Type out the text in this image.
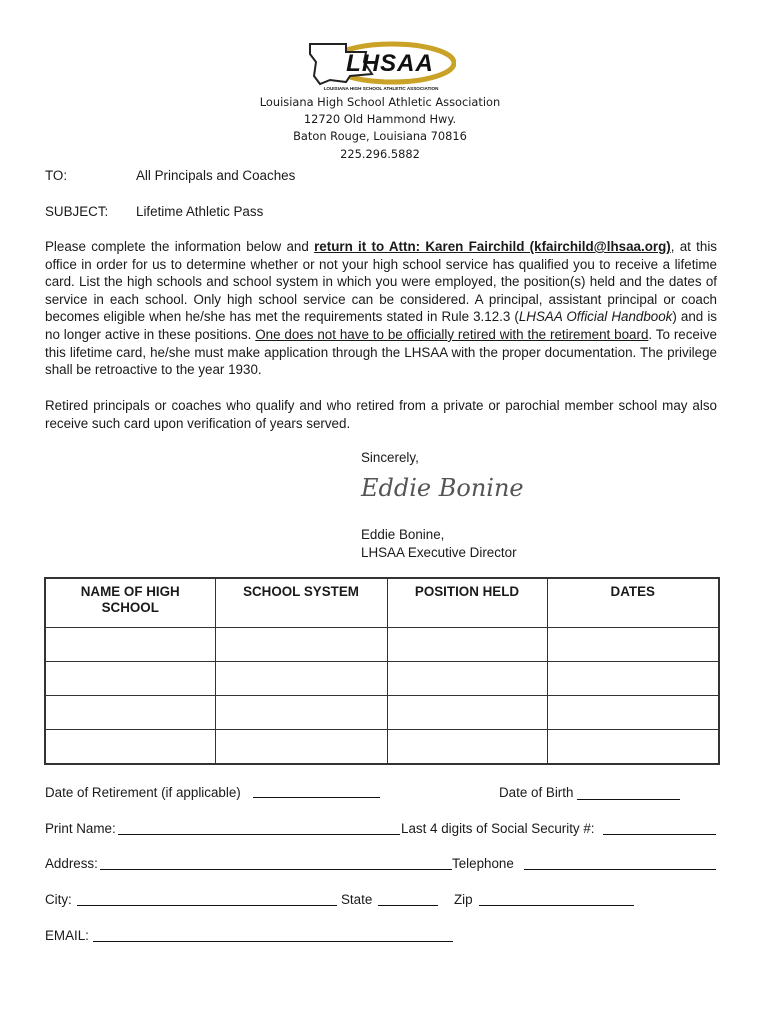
LHSAA
LOUISIANA HIGH SCHOOL ATHLETIC ASSOCIATION
Louisiana High School Athletic Association
12720 Old Hammond Hwy.
Baton Rouge, Louisiana 70816
225.296.5882
TO:	All Principals and Coaches
SUBJECT: Lifetime Athletic Pass

Please complete the information below and return it to Attn: Karen Fairchild (kfairchild@lhsaa.org), at this office in order for us to determine whether or not your high school service has qualified you to receive a lifetime card. List the high schools and school system in which you were employed, the position(s) held and the dates of service in each school. Only high school service can be considered. A principal, assistant principal or coach becomes eligible when he/she has met the requirements stated in Rule 3.12.3 (LHSAA Official Handbook) and is no longer active in these positions. One does not have to be officially retired with the retirement board. To receive this lifetime card, he/she must make application through the LHSAA with the proper documentation. The privilege shall be retroactive to the year 1930.

Retired principals or coaches who qualify and who retired from a private or parochial member school may also receive such card upon verification of years served.
Sincerely,
Eddie Bonine
Eddie Bonine,
LHSAA Executive Director
NAME OF HIGH SCHOOL	SCHOOL SYSTEM	POSITION HELD	DATES

Date of Retirement (if applicable)	Date of Birth
Print Name:	Last 4 digits of Social Security #:
Address:	Telephone
City:	State	Zip
EMAIL:
